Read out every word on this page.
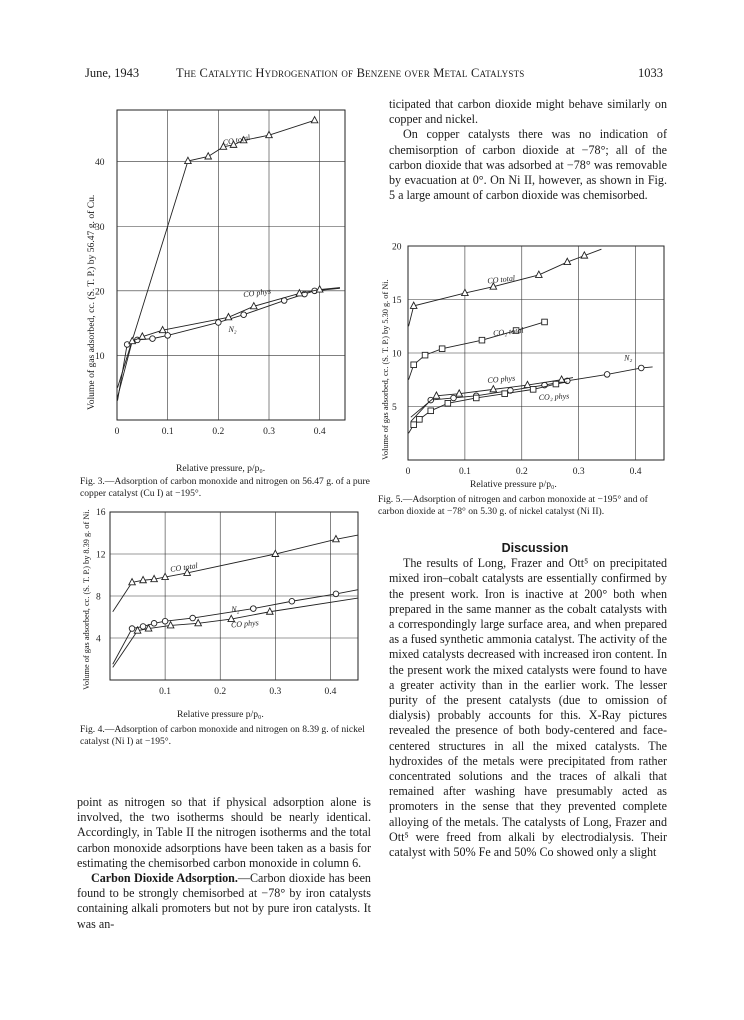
June, 1943	The Catalytic Hydrogenation of Benzene over Metal Catalysts	1033
10
20
30
40
0.1	0.2	0.3	0.4
CO total
CO phys
N₂
0
Volume of gas adsorbed, cc. (S. T. P.) by 56.47 g. of Cu.
Relative pressure, p/p₀.
Fig. 3.—Adsorption of carbon monoxide and nitrogen on 56.47 g. of a pure copper catalyst (Cu I) at −195°.
4
8
12
0.1	0.2	0.3	0.4
CO total
CO phys
N₂
16
Volume of gas adsorbed, cc. (S. T. P.) by 8.39 g. of Ni.
Relative pressure p/p₀.
Fig. 4.—Adsorption of carbon monoxide and nitrogen on 8.39 g. of nickel catalyst (Ni I) at −195°.

point as nitrogen so that if physical adsorption alone is involved, the two isotherms should be nearly identical. Accordingly, in Table II the nitrogen isotherms and the total carbon monoxide adsorptions have been taken as a basis for estimating the chemisorbed carbon monoxide in column 6.

Carbon Dioxide Adsorption.—Carbon dioxide has been found to be strongly chemisorbed at −78° by iron catalysts containing alkali promoters but not by pure iron catalysts. It was an-

ticipated that carbon dioxide might behave similarly on copper and nickel.

On copper catalysts there was no indication of chemisorption of carbon dioxide at −78°; all of the carbon dioxide that was adsorbed at −78° was removable by evacuation at 0°. On Ni II, however, as shown in Fig. 5 a large amount of carbon dioxide was chemisorbed.

5
10
15
20
0.1	0.2	0.3	0.4
CO total
CO₂ total
CO phys
CO₂ phys
N₂
0
Volume of gas adsorbed, cc. (S. T. P.) by 5.30 g. of Ni.
Relative pressure p/p₀.
Fig. 5.—Adsorption of nitrogen and carbon monoxide at −195° and of carbon dioxide at −78° on 5.30 g. of nickel catalyst (Ni II).

Discussion

The results of Long, Frazer and Ott⁵ on precipitated mixed iron–cobalt catalysts are essentially confirmed by the present work. Iron is inactive at 200° both when prepared in the same manner as the cobalt catalysts with a correspondingly large surface area, and when prepared as a fused synthetic ammonia catalyst. The activity of the mixed catalysts decreased with increased iron content. In the present work the mixed catalysts were found to have a greater activity than in the earlier work. The lesser purity of the present catalysts (due to omission of dialysis) probably accounts for this. X-Ray pictures revealed the presence of both body-centered and face-centered structures in all the mixed catalysts. The hydroxides of the metals were precipitated from rather concentrated solutions and the traces of alkali that remained after washing have presumably acted as promoters in the sense that they prevented complete alloying of the metals. The catalysts of Long, Frazer and Ott⁵ were freed from alkali by electrodialysis. Their catalyst with 50% Fe and 50% Co showed only a slight
